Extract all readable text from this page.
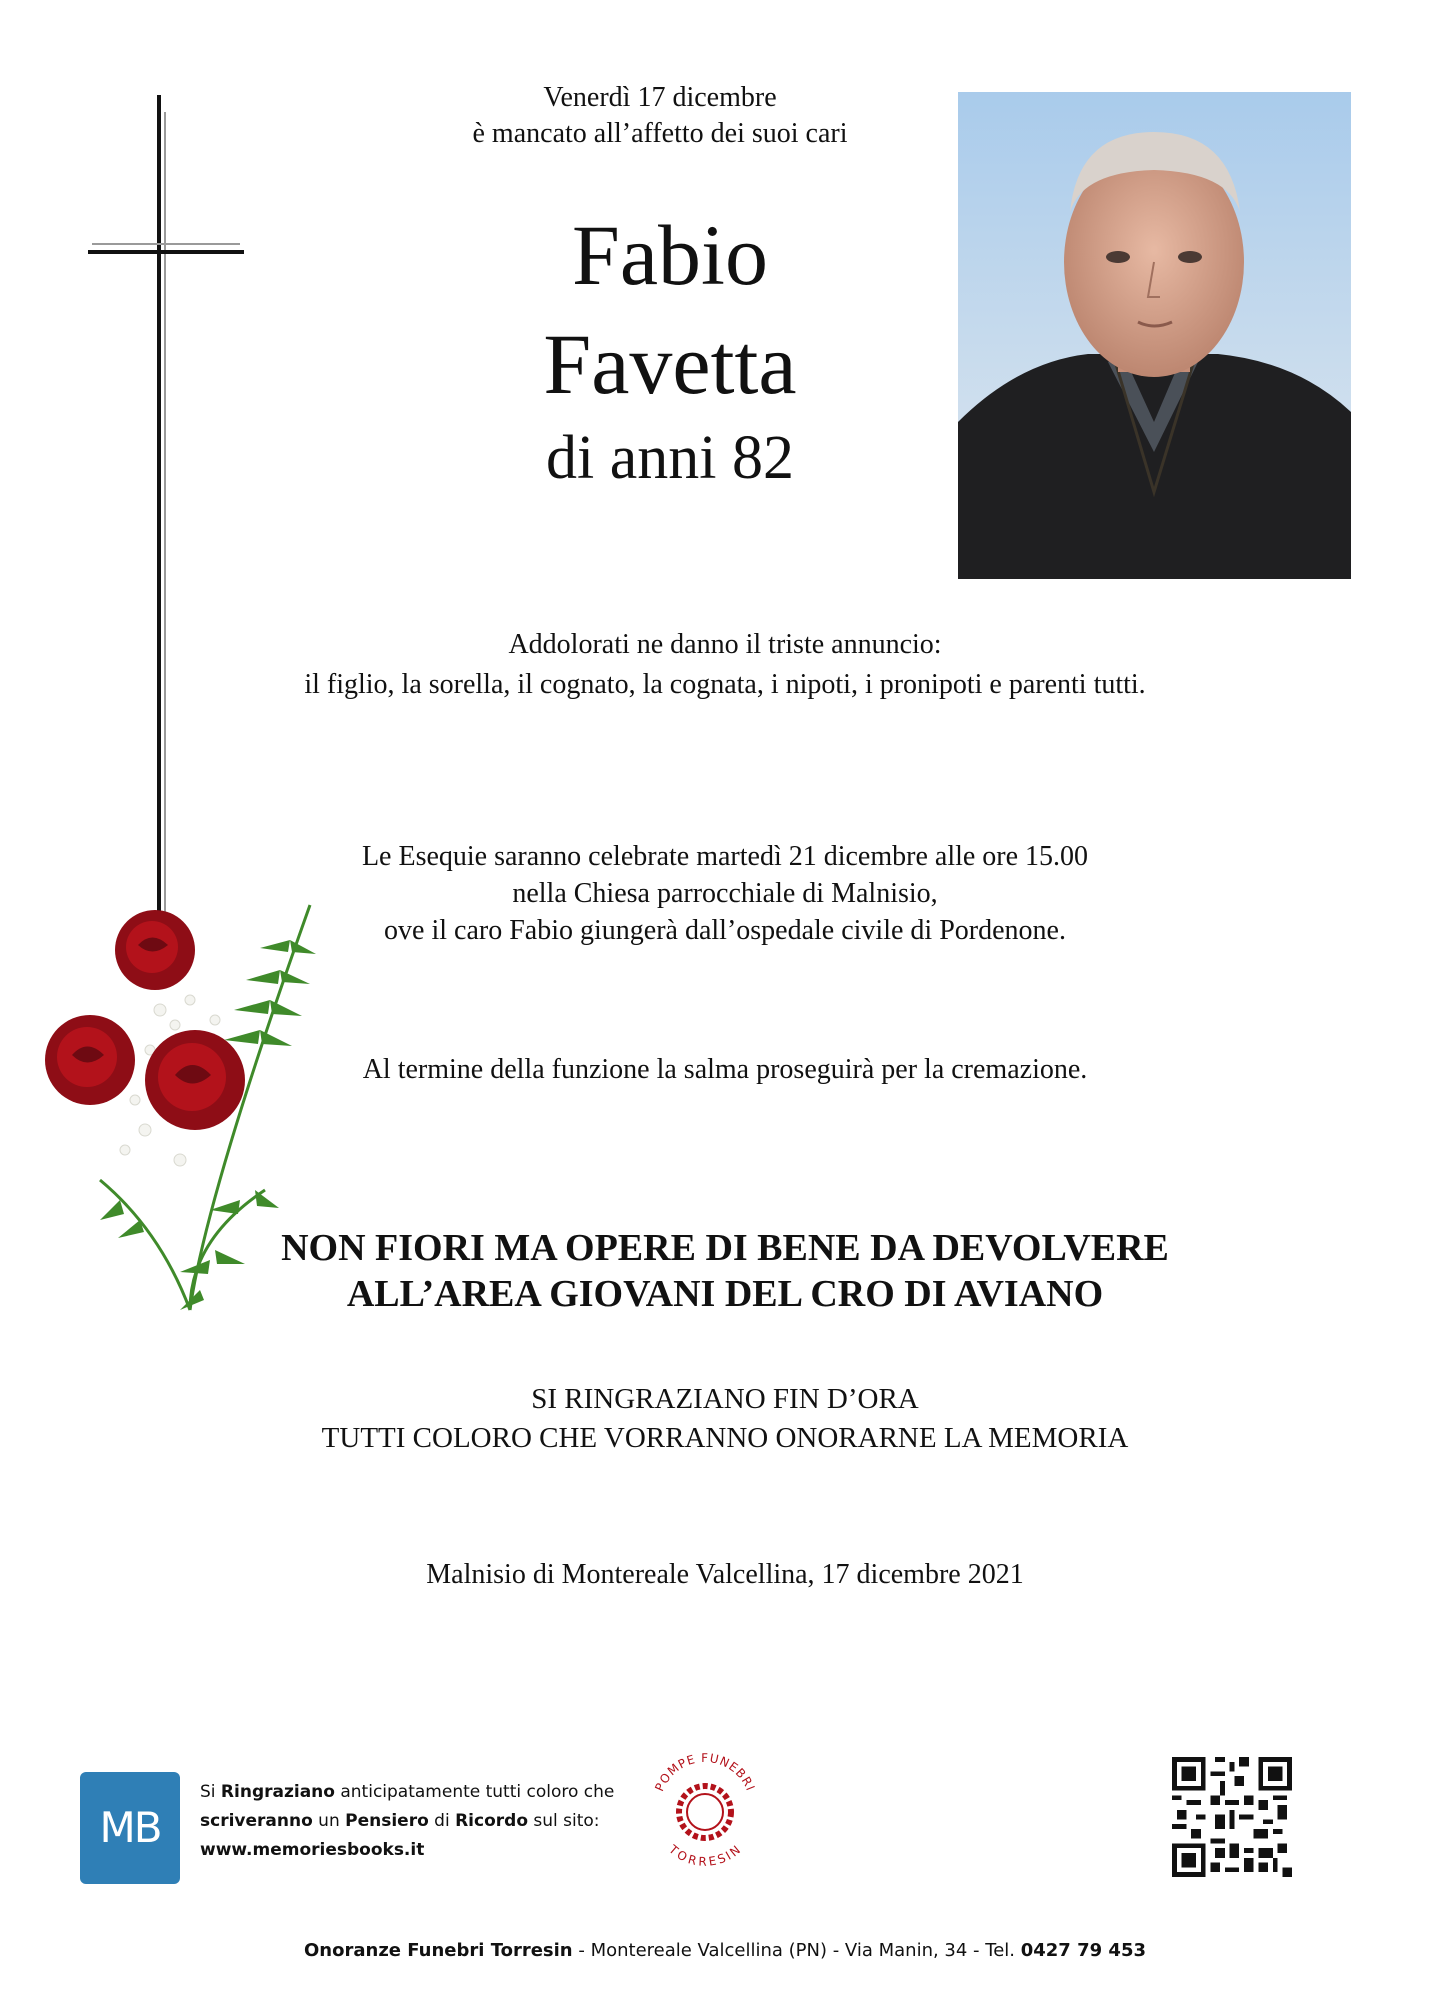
Venerdì 17 dicembre
è mancato all’affetto dei suoi cari
Fabio
Favetta
di anni 82
Addolorati ne danno il triste annuncio:
il figlio, la sorella, il cognato, la cognata, i nipoti, i pronipoti e parenti tutti.
Le Esequie saranno celebrate martedì 21 dicembre alle ore 15.00
nella Chiesa parrocchiale di Malnisio,
ove il caro Fabio giungerà dall’ospedale civile di Pordenone.
Al termine della funzione la salma proseguirà per la cremazione.
NON FIORI MA OPERE DI BENE DA DEVOLVERE
ALL’AREA GIOVANI DEL CRO DI AVIANO
SI RINGRAZIANO FIN D’ORA
TUTTI COLORO CHE VORRANNO ONORARNE LA MEMORIA
Malnisio di Montereale Valcellina, 17 dicembre 2021
MB
Si Ringraziano anticipatamente tutti coloro che
scriveranno un Pensiero di Ricordo sul sito:
www.memoriesbooks.it
POMPE FUNEBRI
TORRESIN
Onoranze Funebri Torresin - Montereale Valcellina (PN) - Via Manin, 34 - Tel. 0427 79 453
